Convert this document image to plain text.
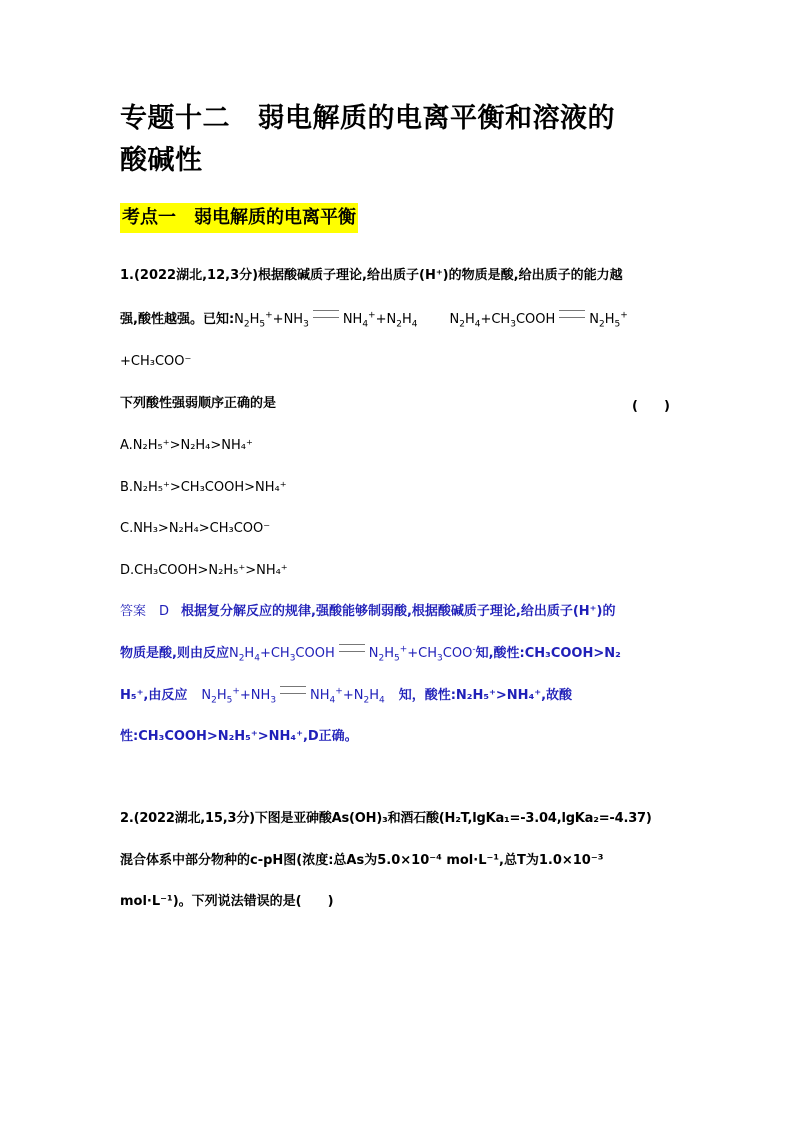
专题十二　弱电解质的电离平衡和溶液的
酸碱性
考点一　弱电解质的电离平衡
1.(2022湖北,12,3分)根据酸碱质子理论,给出质子(H⁺)的物质是酸,给出质子的能力越
强,酸性越强。已知$:N_2H_5^++NH_3$	$NH_4^++N_2H_4$ $N_2H_4+CH_3COOH$	$N_2H_5^+$
+CH₃COO⁻
下列酸性强弱顺序正确的是	(　　)
A.N₂H₅⁺>N₂H₄>NH₄⁺
B.N₂H₅⁺>CH₃COOH>NH₄⁺
C.NH₃>N₂H₄>CH₃COO⁻
D.CH₃COOH>N₂H₅⁺>NH₄⁺
答案　D 根据复分解反应的规律,强酸能够制弱酸,根据酸碱质子理论,给出质子(H⁺)的
物质是酸,则由反应$N_2H_4+CH_3COOH$	$N_2H_5^++CH_3COO^-$知,酸性:CH₃COOH>N₂
H₅⁺,由反应 $N_2H_5^++NH_3$	$NH_4^++N_2H_4$ 知，酸性:N₂H₅⁺>NH₄⁺,故酸
性:CH₃COOH>N₂H₅⁺>NH₄⁺,D正确。
2.(2022湖北,15,3分)下图是亚砷酸As(OH)₃和酒石酸(H₂T,lgKa₁=-3.04,lgKa₂=-4.37)
混合体系中部分物种的c-pH图(浓度:总As为5.0×10⁻⁴ mol·L⁻¹,总T为1.0×10⁻³
mol·L⁻¹)。下列说法错误的是(　　)
